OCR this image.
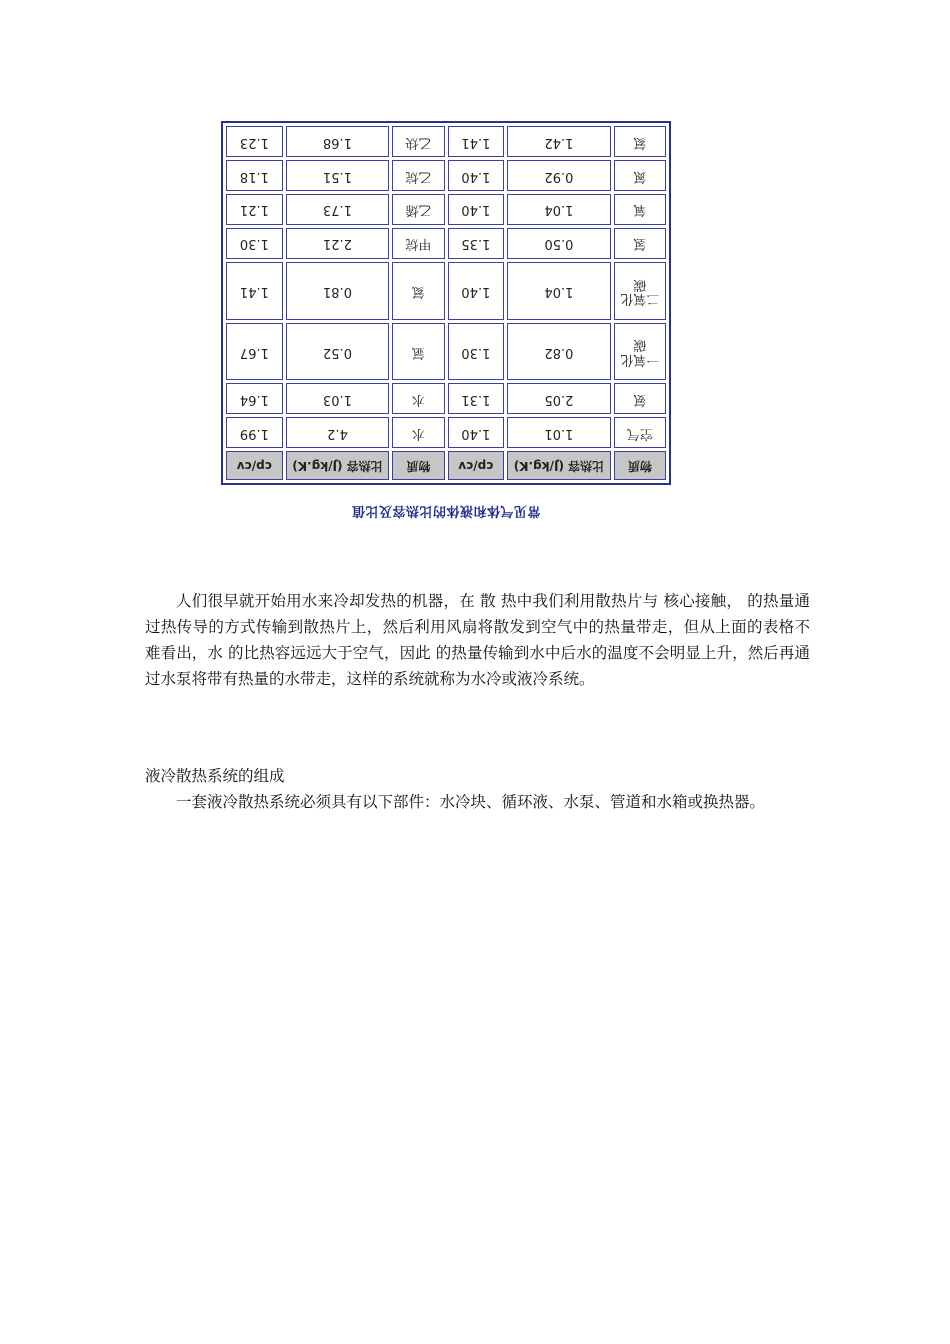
物质	比热容 (J/kg.K)	cp/cv	物质	比热容 (J/kg.K)	cp/cv
空气	1.01	1.40	水	4.2	1.99
氨	2.05	1.31	水	1.03	1.64
一氧化碳	0.82	1.30	氩	0.52	1.67
二氧化碳	1.04	1.40	氦	0.81	1.41
氢	0.50	1.35	甲烷	2.21	1.30
氧	1.04	1.40	乙烯	1.73	1.21
氮	0.92	1.40	乙烷	1.51	1.18
氦	1.42	1.41	乙炔	1.68	1.23
常见气体和液体的比热容及比值
人们很早就开始用水来冷却发热的机器，在 散 热中我们利用散热片与 核心接触， 的热量通过热传导的方式传输到散热片上，然后利用风扇将散发到空气中的热量带走，但从上面的表格不难看出，水 的比热容远远大于空气，因此 的热量传输到水中后水的温度不会明显上升，然后再通过水泵将带有热量的水带走，这样的系统就称为水冷或液冷系统。
液冷散热系统的组成
一套液冷散热系统必须具有以下部件：水冷块、循环液、水泵、管道和水箱或换热器。
